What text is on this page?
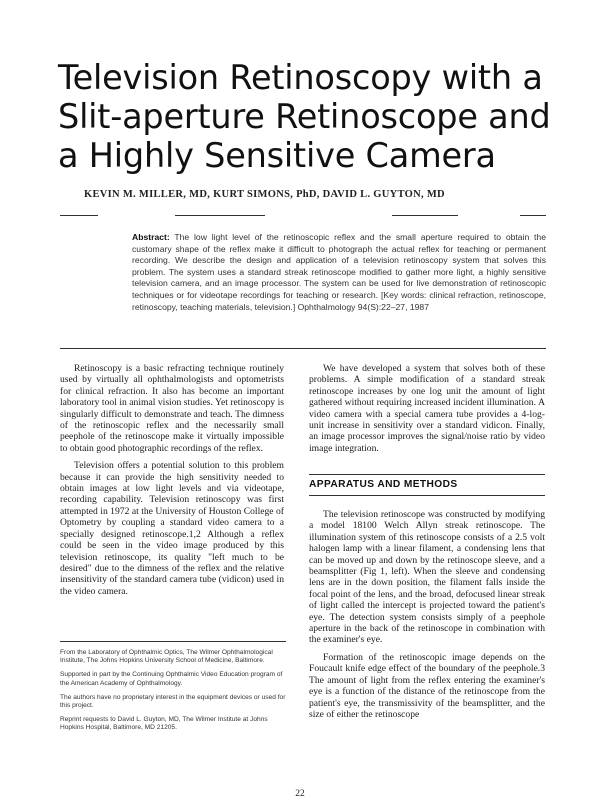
Television Retinoscopy with a Slit-aperture Retinoscope and a Highly Sensitive Camera
KEVIN M. MILLER, MD, KURT SIMONS, PhD, DAVID L. GUYTON, MD
Abstract: The low light level of the retinoscopic reflex and the small aperture required to obtain the customary shape of the reflex make it difficult to photograph the actual reflex for teaching or permanent recording. We describe the design and application of a television retinoscopy system that solves this problem. The system uses a standard streak retinoscope modified to gather more light, a highly sensitive television camera, and an image processor. The system can be used for live demonstration of retinoscopic techniques or for videotape recordings for teaching or research. [Key words: clinical refraction, retinoscope, retinoscopy, teaching materials, television.] Ophthalmology 94(S):22–27, 1987

Retinoscopy is a basic refracting technique routinely used by virtually all ophthalmologists and optometrists for clinical refraction. It also has become an important laboratory tool in animal vision studies. Yet retinoscopy is singularly difficult to demonstrate and teach. The dimness of the retinoscopic reflex and the necessarily small peephole of the retinoscope make it virtually impossible to obtain good photographic recordings of the reflex.

Television offers a potential solution to this problem because it can provide the high sensitivity needed to obtain images at low light levels and via videotape, recording capability. Television retinoscopy was first attempted in 1972 at the University of Houston College of Optometry by coupling a standard video camera to a specially designed retinoscope.1,2 Although a reflex could be seen in the video image produced by this television retinoscope, its quality "left much to be desired" due to the dimness of the reflex and the relative insensitivity of the standard camera tube (vidicon) used in the video camera.

We have developed a system that solves both of these problems. A simple modification of a standard streak retinoscope increases by one log unit the amount of light gathered without requiring increased incident illumination. A video camera with a special camera tube provides a 4-log-unit increase in sensitivity over a standard vidicon. Finally, an image processor improves the signal/noise ratio by video image integration.

APPARATUS AND METHODS

The television retinoscope was constructed by modifying a model 18100 Welch Allyn streak retinoscope. The illumination system of this retinoscope consists of a 2.5 volt halogen lamp with a linear filament, a condensing lens that can be moved up and down by the retinoscope sleeve, and a beamsplitter (Fig 1, left). When the sleeve and condensing lens are in the down position, the filament falls inside the focal point of the lens, and the broad, defocused linear streak of light called the intercept is projected toward the patient's eye. The detection system consists simply of a peephole aperture in the back of the retinoscope in combination with the examiner's eye.

Formation of the retinoscopic image depends on the Foucault knife edge effect of the boundary of the peephole.3 The amount of light from the reflex entering the examiner's eye is a function of the distance of the retinoscope from the patient's eye, the transmissivity of the beamsplitter, and the size of either the retinoscope

From the Laboratory of Ophthalmic Optics, The Wilmer Ophthalmological Institute, The Johns Hopkins University School of Medicine, Baltimore.

Supported in part by the Continuing Ophthalmic Video Education program of the American Academy of Ophthalmology.

The authors have no proprietary interest in the equipment devices or used for this project.

Reprint requests to David L. Guyton, MD, The Wilmer Institute at Johns Hopkins Hospital, Baltimore, MD 21205.

22
